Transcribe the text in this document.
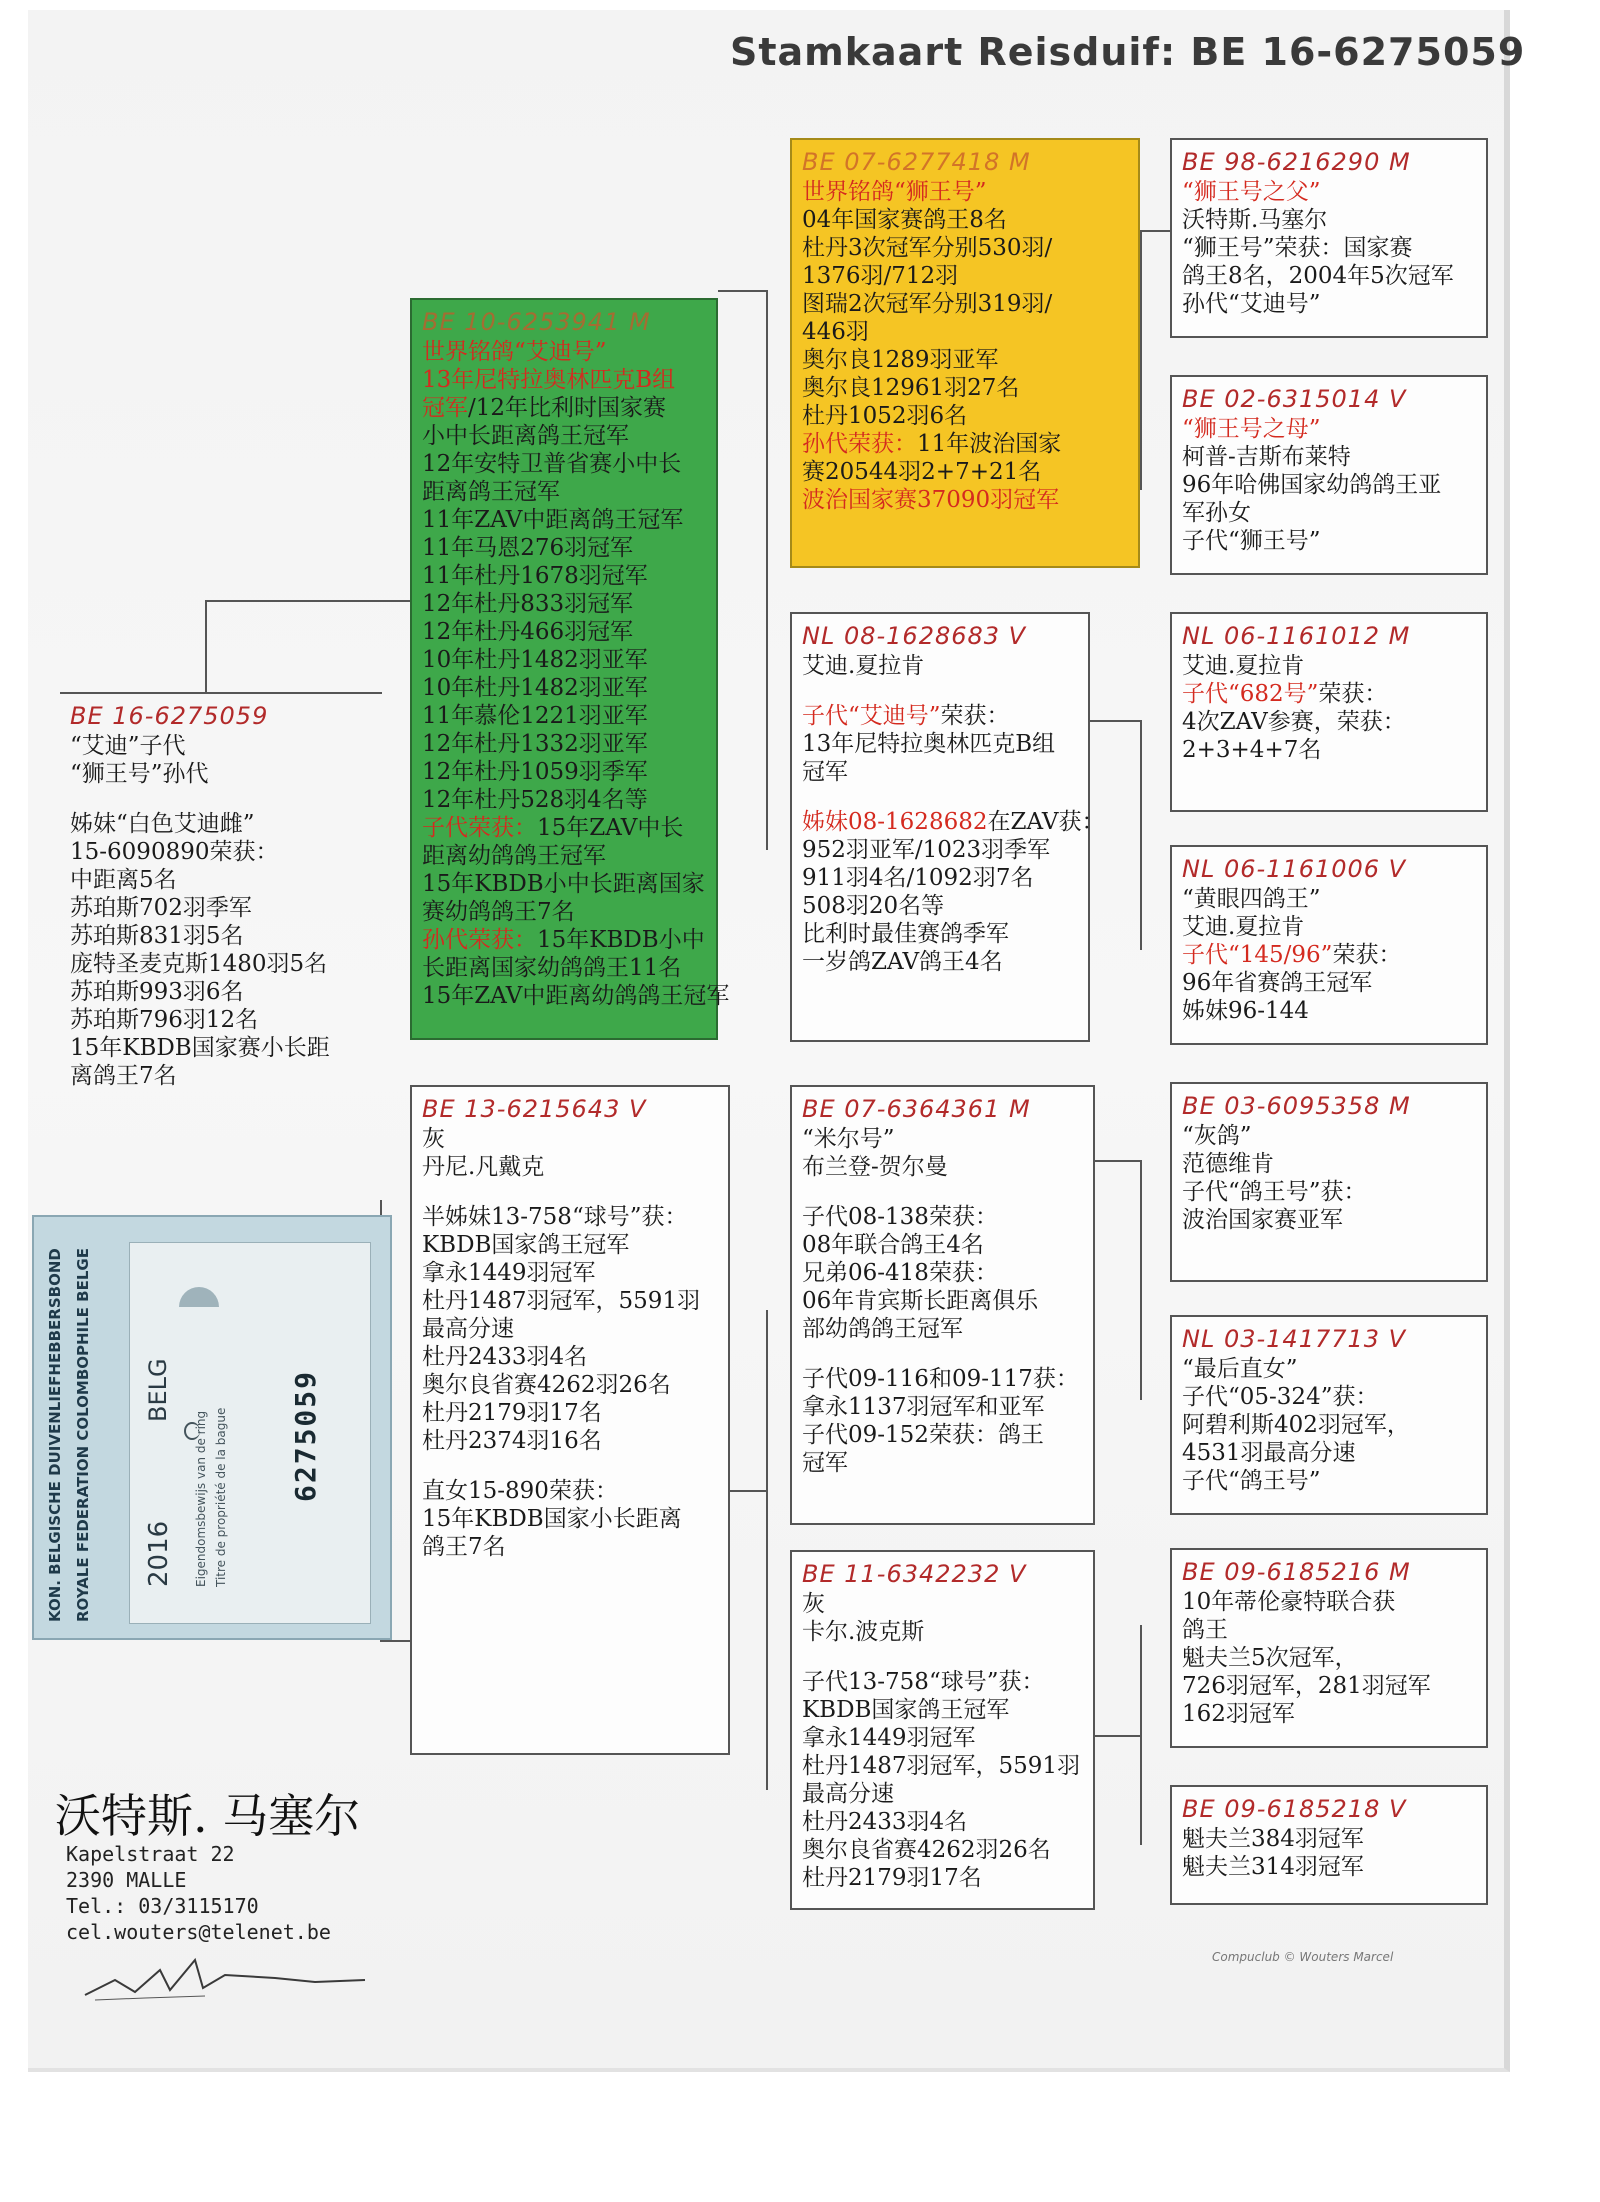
Stamkaart Reisduif: BE 16-6275059
BE 16-6275059
“艾迪”子代
“狮王号”孙代
姊妹“白色艾迪雌”
15-6090890荣获：
中距离5名
苏珀斯702羽季军
苏珀斯831羽5名
庞特圣麦克斯1480羽5名
苏珀斯993羽6名
苏珀斯796羽12名
15年KBDB国家赛小长距
离鸽王7名
BE 10-6253941 M
世界铭鸽“艾迪号”
13年尼特拉奥林匹克B组
冠军/12年比利时国家赛
小中长距离鸽王冠军
12年安特卫普省赛小中长
距离鸽王冠军
11年ZAV中距离鸽王冠军
11年马恩276羽冠军
11年杜丹1678羽冠军
12年杜丹833羽冠军
12年杜丹466羽冠军
10年杜丹1482羽亚军
10年杜丹1482羽亚军
11年慕伦1221羽亚军
12年杜丹1332羽亚军
12年杜丹1059羽季军
12年杜丹528羽4名等
子代荣获：15年ZAV中长
距离幼鸽鸽王冠军
15年KBDB小中长距离国家
赛幼鸽鸽王7名
孙代荣获：15年KBDB小中
长距离国家幼鸽鸽王11名
15年ZAV中距离幼鸽鸽王冠军
BE 13-6215643 V
灰
丹尼.凡戴克
半姊妹13-758“球号”获：
KBDB国家鸽王冠军
拿永1449羽冠军
杜丹1487羽冠军，5591羽
最高分速
杜丹2433羽4名
奥尔良省赛4262羽26名
杜丹2179羽17名
杜丹2374羽16名
直女15-890荣获：
15年KBDB国家小长距离
鸽王7名
BE 07-6277418 M
世界铭鸽“狮王号”
04年国家赛鸽王8名
杜丹3次冠军分别530羽/
1376羽/712羽
图瑞2次冠军分别319羽/
446羽
奥尔良1289羽亚军
奥尔良12961羽27名
杜丹1052羽6名
孙代荣获：11年波治国家
赛20544羽2+7+21名
波治国家赛37090羽冠军
NL 08-1628683 V
艾迪.夏拉肯
子代“艾迪号”荣获：
13年尼特拉奥林匹克B组
冠军
姊妹08-1628682在ZAV获：
952羽亚军/1023羽季军
911羽4名/1092羽7名
508羽20名等
比利时最佳赛鸽季军
一岁鸽ZAV鸽王4名
BE 07-6364361 M
“米尔号”
布兰登-贺尔曼
子代08-138荣获：
08年联合鸽王4名
兄弟06-418荣获：
06年肯宾斯长距离俱乐
部幼鸽鸽王冠军
子代09-116和09-117获：
拿永1137羽冠军和亚军
子代09-152荣获：鸽王
冠军
BE 11-6342232 V
灰
卡尔.波克斯
子代13-758“球号”获：
KBDB国家鸽王冠军
拿永1449羽冠军
杜丹1487羽冠军，5591羽
最高分速
杜丹2433羽4名
奥尔良省赛4262羽26名
杜丹2179羽17名
BE 98-6216290 M
“狮王号之父”
沃特斯.马塞尔
“狮王号”荣获：国家赛
鸽王8名，2004年5次冠军
孙代“艾迪号”
BE 02-6315014 V
“狮王号之母”
柯普-吉斯布莱特
96年哈佛国家幼鸽鸽王亚
军孙女
子代“狮王号”
NL 06-1161012 M
艾迪.夏拉肯
子代“682号”荣获：
4次ZAV参赛，荣获：
2+3+4+7名
NL 06-1161006 V
“黄眼四鸽王”
艾迪.夏拉肯
子代“145/96”荣获：
96年省赛鸽王冠军
姊妹96-144
BE 03-6095358 M
“灰鸽”
范德维肯
子代“鸽王号”获：
波治国家赛亚军
NL 03-1417713 V
“最后直女”
子代“05-324”获：
阿碧利斯402羽冠军，
4531羽最高分速
子代“鸽王号”
BE 09-6185216 M
10年蒂伦豪特联合获
鸽王
魁夫兰5次冠军，
726羽冠军，281羽冠军
162羽冠军
BE 09-6185218 V
魁夫兰384羽冠军
魁夫兰314羽冠军
KON. BELGISCHE DUIVENLIEFHEBBERSBOND ROYALE FEDERATION COLOMBOPHILE BELGE 2016
BELG
Eigendomsbewijs van de ring Titre de propriété de la bague 6275059
沃特斯. 马塞尔
Kapelstraat 22
2390 MALLE
Tel.: 03/3115170
cel.wouters@telenet.be
Compuclub © Wouters Marcel
